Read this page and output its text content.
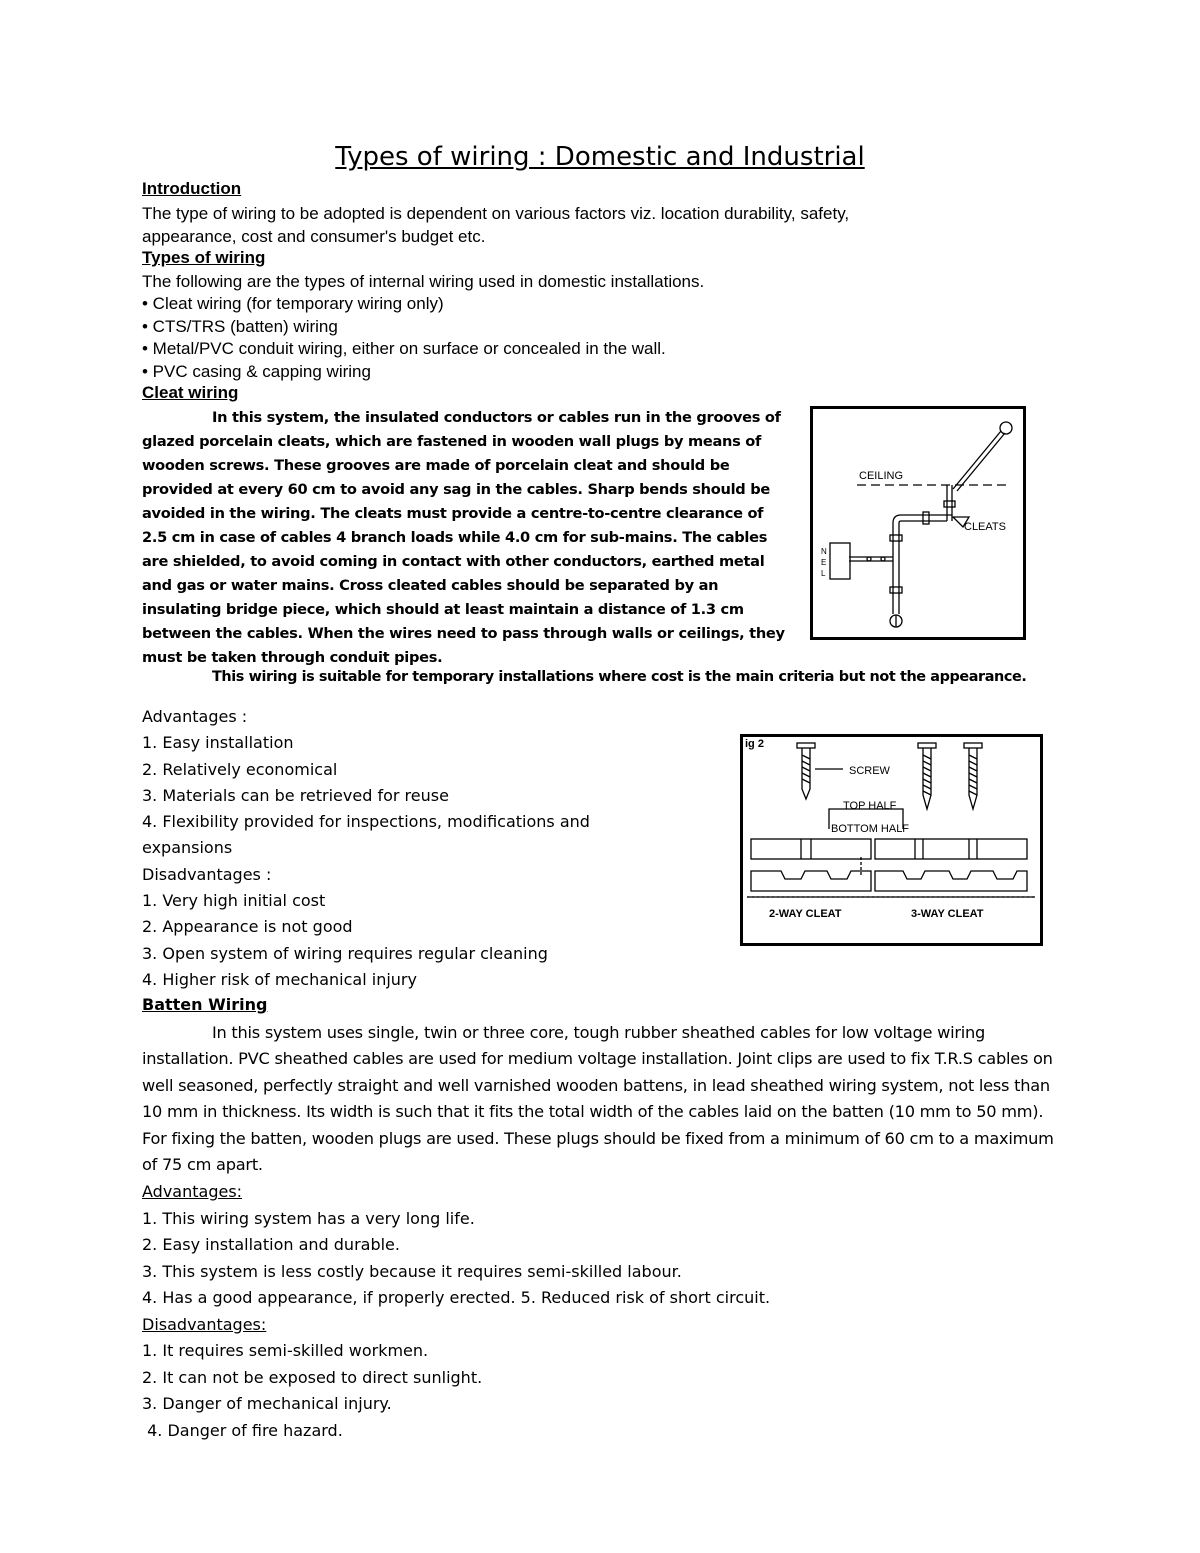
Types of wiring : Domestic and Industrial
Introduction
The type of wiring to be adopted is dependent on various factors viz. location durability, safety,
appearance, cost and consumer's budget etc.
Types of wiring
The following are the types of internal wiring used in domestic installations.
• Cleat wiring (for temporary wiring only)
• CTS/TRS (batten) wiring
• Metal/PVC conduit wiring, either on surface or concealed in the wall.
• PVC casing & capping wiring
Cleat wiring

In this system, the insulated conductors or cables run in the grooves of glazed porcelain cleats, which are fastened in wooden wall plugs by means of wooden screws. These grooves are made of porcelain cleat and should be provided at every 60 cm to avoid any sag in the cables. Sharp bends should be avoided in the wiring. The cleats must provide a centre-to-centre clearance of 2.5 cm in case of cables 4 branch loads while 4.0 cm for sub-mains. The cables are shielded, to avoid coming in contact with other conductors, earthed metal and gas or water mains. Cross cleated cables should be separated by an insulating bridge piece, which should at least maintain a distance of 1.3 cm between the cables. When the wires need to pass through walls or ceilings, they must be taken through conduit pipes.

This wiring is suitable for temporary installations where cost is the main criteria but not the appearance.
CEILING
CLEATS
N
E
L
Advantages :
1. Easy installation
2. Relatively economical
3. Materials can be retrieved for reuse
4. Flexibility provided for inspections, modifications and
expansions
Disadvantages :
1. Very high initial cost
2. Appearance is not good
3. Open system of wiring requires regular cleaning
4. Higher risk of mechanical injury
ig 2
SCREW
TOP HALF
BOTTOM HALF
2-WAY CLEAT	3-WAY CLEAT
Batten Wiring

In this system uses single, twin or three core, tough rubber sheathed cables for low voltage wiring installation. PVC sheathed cables are used for medium voltage installation. Joint clips are used to fix T.R.S cables on well seasoned, perfectly straight and well varnished wooden battens, in lead sheathed wiring system, not less than 10 mm in thickness. Its width is such that it fits the total width of the cables laid on the batten (10 mm to 50 mm). For fixing the batten, wooden plugs are used. These plugs should be fixed from a minimum of 60 cm to a maximum of 75 cm apart.

Advantages:
1. This wiring system has a very long life.
2. Easy installation and durable.
3. This system is less costly because it requires semi-skilled labour.
4. Has a good appearance, if properly erected. 5. Reduced risk of short circuit.
Disadvantages:
1. It requires semi-skilled workmen.
2. It can not be exposed to direct sunlight.
3. Danger of mechanical injury.
4. Danger of fire hazard.
